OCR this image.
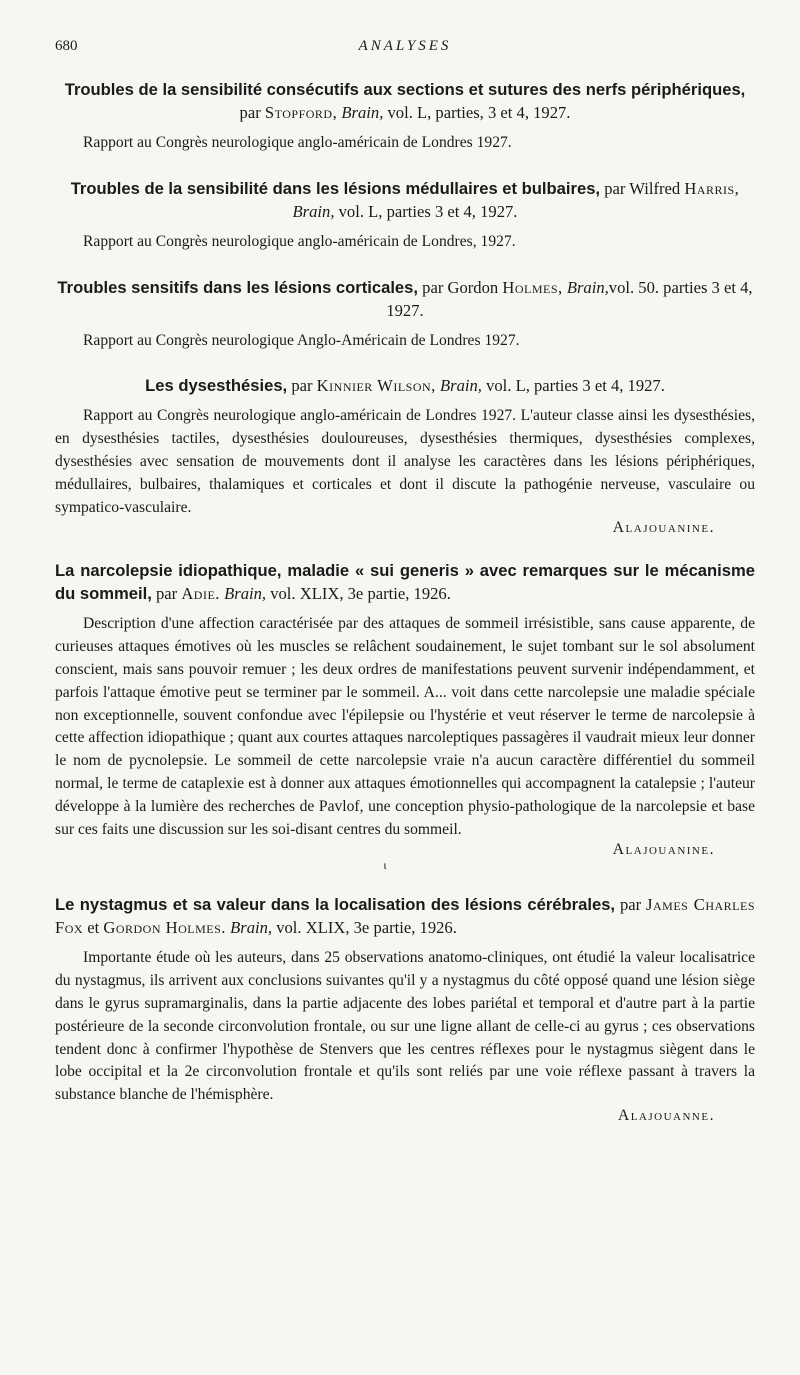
680	ANALYSES

Troubles de la sensibilité consécutifs aux sections et sutures des nerfs périphériques, par Stopford, Brain, vol. L, parties, 3 et 4, 1927.

Rapport au Congrès neurologique anglo-américain de Londres 1927.

Troubles de la sensibilité dans les lésions médullaires et bulbaires, par Wilfred Harris, Brain, vol. L, parties 3 et 4, 1927.

Rapport au Congrès neurologique anglo-américain de Londres, 1927.

Troubles sensitifs dans les lésions corticales, par Gordon Holmes, Brain,vol. 50. parties 3 et 4, 1927.

Rapport au Congrès neurologique Anglo-Américain de Londres 1927.

Les dysesthésies, par Kinnier Wilson, Brain, vol. L, parties 3 et 4, 1927.

Rapport au Congrès neurologique anglo-américain de Londres 1927. L'auteur classe ainsi les dysesthésies, en dysesthésies tactiles, dysesthésies douloureuses, dysesthésies thermiques, dysesthésies complexes, dysesthésies avec sensation de mouvements dont il analyse les caractères dans les lésions périphériques, médullaires, bulbaires, thalamiques et corticales et dont il discute la pathogénie nerveuse, vasculaire ou sympatico-vasculaire.

Alajouanine.

La narcolepsie idiopathique, maladie « sui generis » avec remarques sur le mécanisme du sommeil, par Adie. Brain, vol. XLIX, 3e partie, 1926.

Description d'une affection caractérisée par des attaques de sommeil irrésistible, sans cause apparente, de curieuses attaques émotives où les muscles se relâchent soudainement, le sujet tombant sur le sol absolument conscient, mais sans pouvoir remuer ; les deux ordres de manifestations peuvent survenir indépendamment, et parfois l'attaque émotive peut se terminer par le sommeil. A... voit dans cette narcolepsie une maladie spéciale non exceptionnelle, souvent confondue avec l'épilepsie ou l'hystérie et veut réserver le terme de narcolepsie à cette affection idiopathique ; quant aux courtes attaques narcoleptiques passagères il vaudrait mieux leur donner le nom de pycnolepsie. Le sommeil de cette narcolepsie vraie n'a aucun caractère différentiel du sommeil normal, le terme de cataplexie est à donner aux attaques émotionnelles qui accompagnent la catalepsie ; l'auteur développe à la lumière des recherches de Pavlof, une conception physio-pathologique de la narcolepsie et base sur ces faits une discussion sur les soi-disant centres du sommeil.

Alajouanine.

ι

Le nystagmus et sa valeur dans la localisation des lésions cérébrales, par James Charles Fox et Gordon Holmes. Brain, vol. XLIX, 3e partie, 1926.

Importante étude où les auteurs, dans 25 observations anatomo-cliniques, ont étudié la valeur localisatrice du nystagmus, ils arrivent aux conclusions suivantes qu'il y a nystagmus du côté opposé quand une lésion siège dans le gyrus supramarginalis, dans la partie adjacente des lobes pariétal et temporal et d'autre part à la partie postérieure de la seconde circonvolution frontale, ou sur une ligne allant de celle-ci au gyrus ; ces observations tendent donc à confirmer l'hypothèse de Stenvers que les centres réflexes pour le nystagmus siègent dans le lobe occipital et la 2e circonvolution frontale et qu'ils sont reliés par une voie réflexe passant à travers la substance blanche de l'hémisphère.

Alajouanne.
